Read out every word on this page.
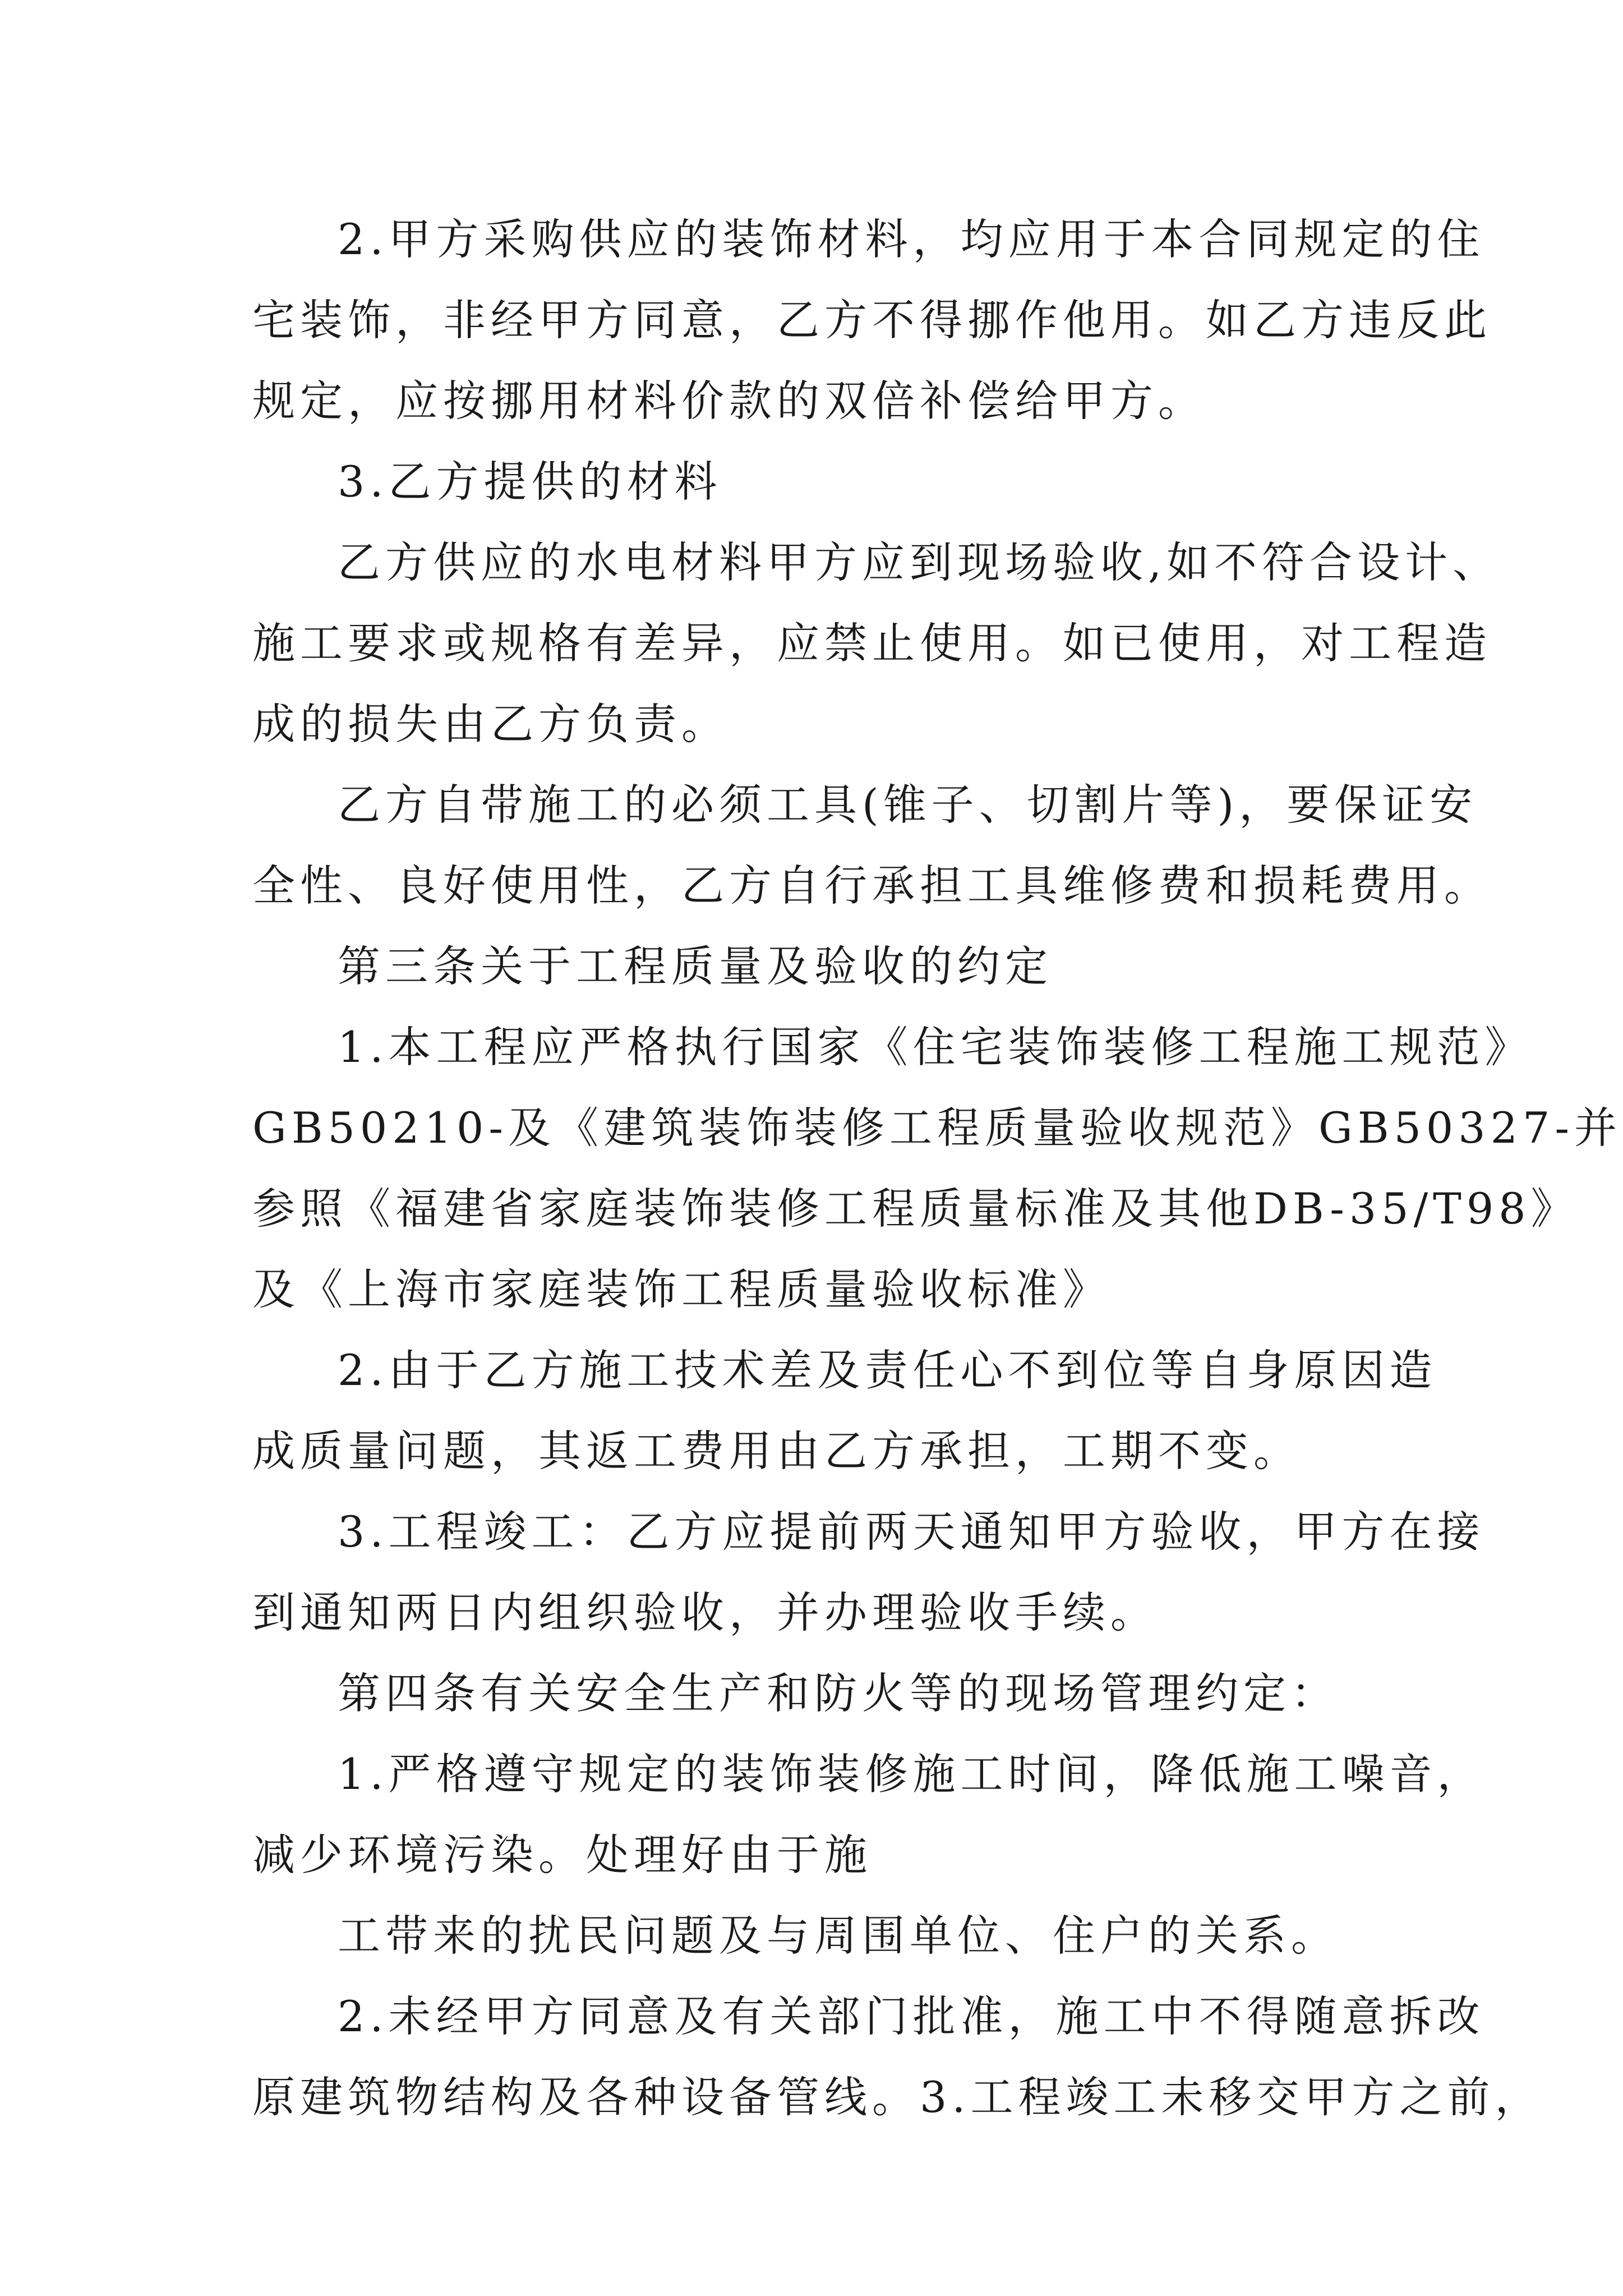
2.甲方采购供应的装饰材料，均应用于本合同规定的住

宅装饰，非经甲方同意，乙方不得挪作他用。如乙方违反此

规定，应按挪用材料价款的双倍补偿给甲方。

3.乙方提供的材料

乙方供应的水电材料甲方应到现场验收,如不符合设计、

施工要求或规格有差异，应禁止使用。如已使用，对工程造

成的损失由乙方负责。

乙方自带施工的必须工具(锥子、切割片等)，要保证安

全性、良好使用性，乙方自行承担工具维修费和损耗费用。

第三条关于工程质量及验收的约定

1.本工程应严格执行国家《住宅装饰装修工程施工规范》

GB50210-及《建筑装饰装修工程质量验收规范》GB50327-并

参照《福建省家庭装饰装修工程质量标准及其他DB-35/T98》

及《上海市家庭装饰工程质量验收标准》

2.由于乙方施工技术差及责任心不到位等自身原因造

成质量问题，其返工费用由乙方承担，工期不变。

3.工程竣工：乙方应提前两天通知甲方验收，甲方在接

到通知两日内组织验收，并办理验收手续。

第四条有关安全生产和防火等的现场管理约定：

1.严格遵守规定的装饰装修施工时间，降低施工噪音，

减少环境污染。处理好由于施

工带来的扰民问题及与周围单位、住户的关系。

2.未经甲方同意及有关部门批准，施工中不得随意拆改

原建筑物结构及各种设备管线。3.工程竣工未移交甲方之前，
